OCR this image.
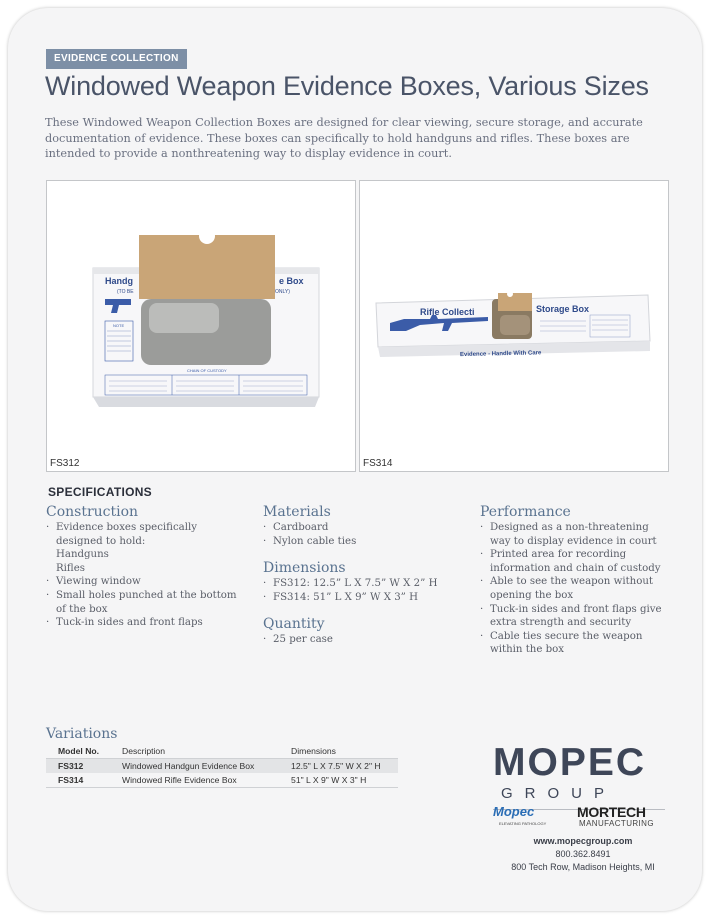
EVIDENCE COLLECTION
Windowed Weapon Evidence Boxes, Various Sizes
These Windowed Weapon Collection Boxes are designed for clear viewing, secure storage, and accurate documentation of evidence. These boxes can specifically to hold handguns and rifles. These boxes are intended to provide a nonthreatening way to display evidence in court.
Handg	e Box
(TO BE	ONLY)
NOTE
CHAIN OF CUSTODY
FS312
Rifle Collecti	Storage Box
Evidence - Handle With Care
FS314
SPECIFICATIONS
Construction
· Evidence boxes specifically
designed to hold:
Handguns
Rifles
· Viewing window
· Small holes punched at the bottom
of the box
· Tuck-in sides and front flaps
Materials
· Cardboard
· Nylon cable ties
Dimensions
· FS312: 12.5” L X 7.5” W X 2” H
· FS314: 51” L X 9” W X 3” H
Quantity
· 25 per case
Performance
· Designed as a non-threatening
way to display evidence in court
· Printed area for recording
information and chain of custody
· Able to see the weapon without
opening the box
· Tuck-in sides and front flaps give
extra strength and security
· Cable ties secure the weapon
within the box
Variations
Model No.	Description	Dimensions
FS312	Windowed Handgun Evidence Box	12.5" L X 7.5" W X 2" H
FS314	Windowed Rifle Evidence Box	51" L X 9" W X 3" H	MOPEC
GROUP
Mopec
ELEVATING PATHOLOGY
MORTECH
MANUFACTURING
www.mopecgroup.com
800.362.8491
800 Tech Row, Madison Heights, MI
